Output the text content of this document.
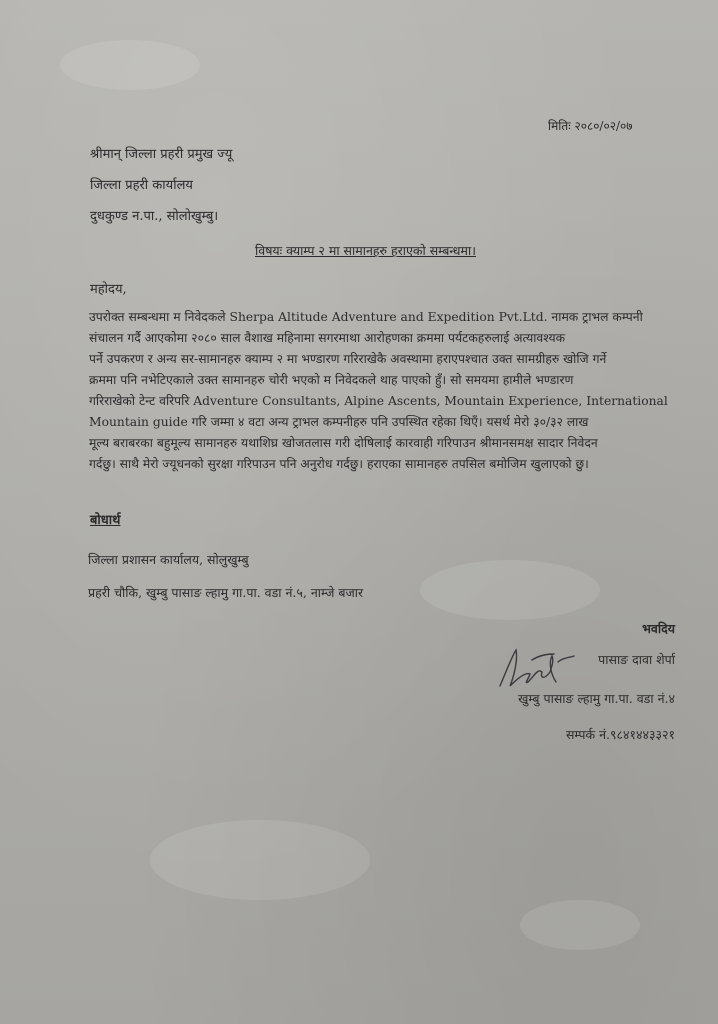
मितिः २०८०/०२/०७
श्रीमान् जिल्ला प्रहरी प्रमुख ज्यू
जिल्ला प्रहरी कार्यालय
दुधकुण्ड न.पा., सोलोखुम्बु।
विषयः क्याम्प २ मा सामानहरु हराएको सम्बन्धमा।
महोदय,
उपरोक्त सम्बन्धमा म निवेदकले Sherpa Altitude Adventure and Expedition Pvt.Ltd. नामक ट्राभल कम्पनी
संचालन गर्दै आएकोमा २०८० साल वैशाख महिनामा सगरमाथा आरोहणका क्रममा पर्यटकहरुलाई अत्यावश्यक
पर्ने उपकरण र अन्य सर-सामानहरु क्याम्प २ मा भण्डारण गरिराखेकै अवस्थामा हराएपश्चात उक्त सामग्रीहरु खोजि गर्ने
क्रममा पनि नभेटिएकाले उक्त सामानहरु चोरी भएको म निवेदकले थाह पाएको हुँ। सो समयमा हामीले भण्डारण
गरिराखेको टेन्ट वरिपरि Adventure Consultants, Alpine Ascents, Mountain Experience, International
Mountain guide गरि जम्मा ४ वटा अन्य ट्राभल कम्पनीहरु पनि उपस्थित रहेका थिएँ। यसर्थ मेरो ३०/३२ लाख
मूल्य बराबरका बहुमूल्य सामानहरु यथाशिघ्र खोजतलास गरी दोषिलाई कारवाही गरिपाउन श्रीमानसमक्ष सादार निवेदन
गर्दछु। साथै मेरो ज्यूधनको सुरक्षा गरिपाउन पनि अनुरोध गर्दछु। हराएका सामानहरु तपसिल बमोजिम खुलाएको छु।
बोधार्थ
जिल्ला प्रशासन कार्यालय, सोलुखुम्बु
प्रहरी चौकि, खुम्बु पासाङ ल्हामु गा.पा. वडा नं.५, नाम्जे बजार
भवदिय
पासाङ दावा शेर्पा
खुम्बु पासाङ ल्हामु गा.पा. वडा नं.४
सम्पर्क नं.९८४१४४३३२१
